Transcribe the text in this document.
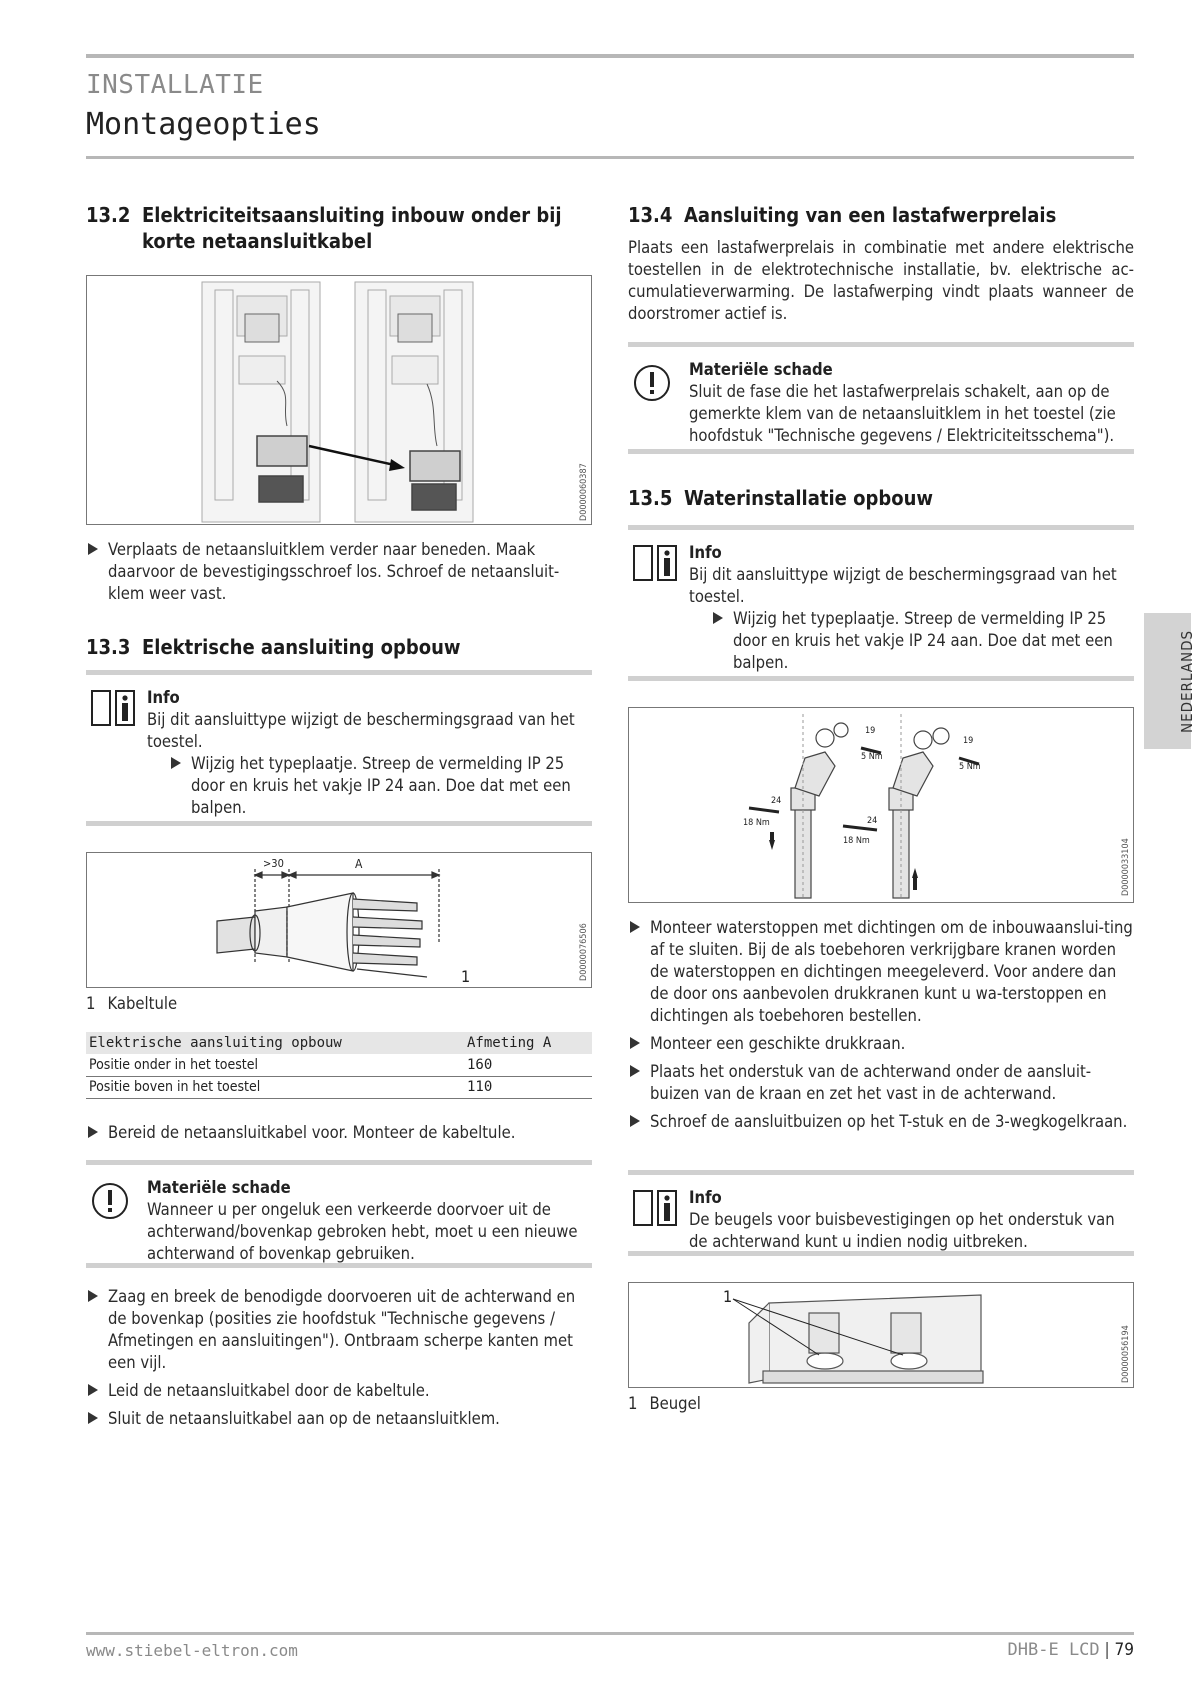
INSTALLATIE
Montageopties
13.2 Elektriciteitsaansluiting inbouw onder bij korte netaansluitkabel
D0000060387
Verplaats de netaansluitklem verder naar beneden. Maak daarvoor de bevestigingsschroef los. Schroef de netaansluit-klem weer vast.
13.3 Elektrische aansluiting opbouw
Info
Bij dit aansluittype wijzigt de beschermingsgraad van het toestel.
Wijzig het typeplaatje. Streep de vermelding IP 25 door en kruis het vakje IP 24 aan. Doe dat met een balpen.
>30	A
1	D0000076506
1 Kabeltule
Elektrische aansluiting opbouw	Afmeting A
Positie onder in het toestel	160
Positie boven in het toestel	110
Bereid de netaansluitkabel voor. Monteer de kabeltule.
Materiële schade
Wanneer u per ongeluk een verkeerde doorvoer uit de achterwand/bovenkap gebroken hebt, moet u een nieuwe achterwand of bovenkap gebruiken.
Zaag en breek de benodigde doorvoeren uit de achterwand en de bovenkap (posities zie hoofdstuk "Technische gegevens / Afmetingen en aansluitingen"). Ontbraam scherpe kanten met een vijl.
Leid de netaansluitkabel door de kabeltule.
Sluit de netaansluitkabel aan op de netaansluitklem.
13.4 Aansluiting van een lastafwerprelais
Plaats een lastafwerprelais in combinatie met andere elektrische toestellen in de elektrotechnische installatie, bv. elektrische ac-cumulatieverwarming. De lastafwerping vindt plaats wanneer de doorstromer actief is.
Materiële schade
Sluit de fase die het lastafwerprelais schakelt, aan op de gemerkte klem van de netaansluitklem in het toestel (zie hoofdstuk "Technische gegevens / Elektriciteitsschema").
13.5 Waterinstallatie opbouw
Info
Bij dit aansluittype wijzigt de beschermingsgraad van het toestel.
Wijzig het typeplaatje. Streep de vermelding IP 25 door en kruis het vakje IP 24 aan. Doe dat met een balpen.
19
5 Nm
19
5 Nm
24
18 Nm	24
18 Nm	D0000033104
Monteer waterstoppen met dichtingen om de inbouwaanslui-ting af te sluiten. Bij de als toebehoren verkrijgbare kranen worden de waterstoppen en dichtingen meegeleverd. Voor andere dan de door ons aanbevolen drukkranen kunt u wa-terstoppen en dichtingen als toebehoren bestellen.
Monteer een geschikte drukkraan.
Plaats het onderstuk van de achterwand onder de aansluit-buizen van de kraan en zet het vast in de achterwand.
Schroef de aansluitbuizen op het T-stuk en de 3-wegkogelkraan.
Info
De beugels voor buisbevestigingen op het onderstuk van de achterwand kunt u indien nodig uitbreken.
1
D0000056194
1 Beugel
NEDERLANDS
www.stiebel-eltron.com	DHB-E LCD | 79
